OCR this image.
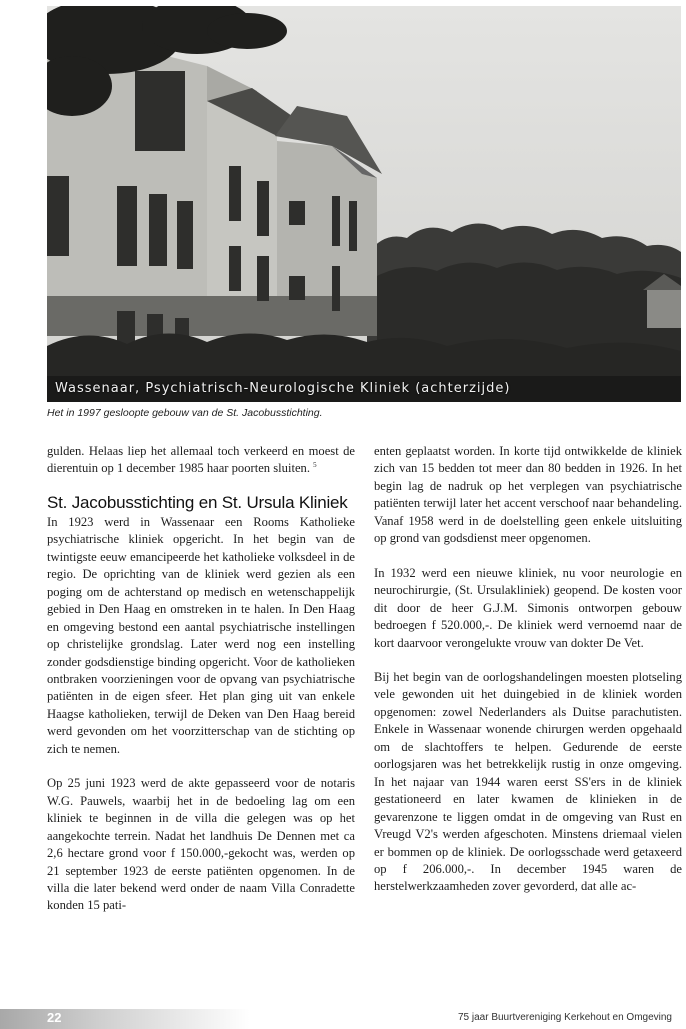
Wassenaar, Psychiatrisch-Neurologische Kliniek (achterzijde)
Het in 1997 gesloopte gebouw van de St. Jacobusstichting.

gulden. Helaas liep het allemaal toch verkeerd en moest de dierentuin op 1 december 1985 haar poorten sluiten. $^5$

St. Jacobusstichting en St. Ursula Kliniek

In 1923 werd in Wassenaar een Rooms Katholieke psychiatrische kliniek opgericht. In het begin van de twintigste eeuw emancipeerde het katholieke volksdeel in de regio. De oprichting van de kliniek werd gezien als een poging om de achterstand op medisch en wetenschappelijk gebied in Den Haag en omstreken in te halen. In Den Haag en omgeving bestond een aantal psychiatrische instellingen op christelijke grondslag. Later werd nog een instelling zonder godsdienstige binding opgericht. Voor de katholieken ontbraken voorzieningen voor de opvang van psychiatrische patiënten in de eigen sfeer. Het plan ging uit van enkele Haagse katholieken, terwijl de Deken van Den Haag bereid werd gevonden om het voorzitterschap van de stichting op zich te nemen.

Op 25 juni 1923 werd de akte gepasseerd voor de notaris W.G. Pauwels, waarbij het in de bedoeling lag om een kliniek te beginnen in de villa die gelegen was op het aangekochte terrein. Nadat het landhuis De Dennen met ca 2,6 hectare grond voor f 150.000,-gekocht was, werden op 21 september 1923 de eerste patiënten opgenomen. In de villa die later bekend werd onder de naam Villa Conradette konden 15 pati-

enten geplaatst worden. In korte tijd ontwikkelde de kliniek zich van 15 bedden tot meer dan 80 bedden in 1926. In het begin lag de nadruk op het verplegen van psychiatrische patiënten terwijl later het accent verschoof naar behandeling. Vanaf 1958 werd in de doelstelling geen enkele uitsluiting op grond van godsdienst meer opgenomen.

In 1932 werd een nieuwe kliniek, nu voor neurologie en neurochirurgie, (St. Ursulakliniek) geopend. De kosten voor dit door de heer G.J.M. Simonis ontworpen gebouw bedroegen f 520.000,-. De kliniek werd vernoemd naar de kort daarvoor verongelukte vrouw van dokter De Vet.

Bij het begin van de oorlogshandelingen moesten plotseling vele gewonden uit het duingebied in de kliniek worden opgenomen: zowel Nederlanders als Duitse parachutisten. Enkele in Wassenaar wonende chirurgen werden opgehaald om de slachtoffers te helpen. Gedurende de eerste oorlogsjaren was het betrekkelijk rustig in onze omgeving. In het najaar van 1944 waren eerst SS'ers in de kliniek gestationeerd en later kwamen de klinieken in de gevarenzone te liggen omdat in de omgeving van Rust en Vreugd V2's werden afgeschoten. Minstens driemaal vielen er bommen op de kliniek. De oorlogsschade werd getaxeerd op f 206.000,-. In december 1945 waren de herstelwerkzaamheden zover gevorderd, dat alle ac-

22	75 jaar Buurtvereniging Kerkehout en Omgeving
